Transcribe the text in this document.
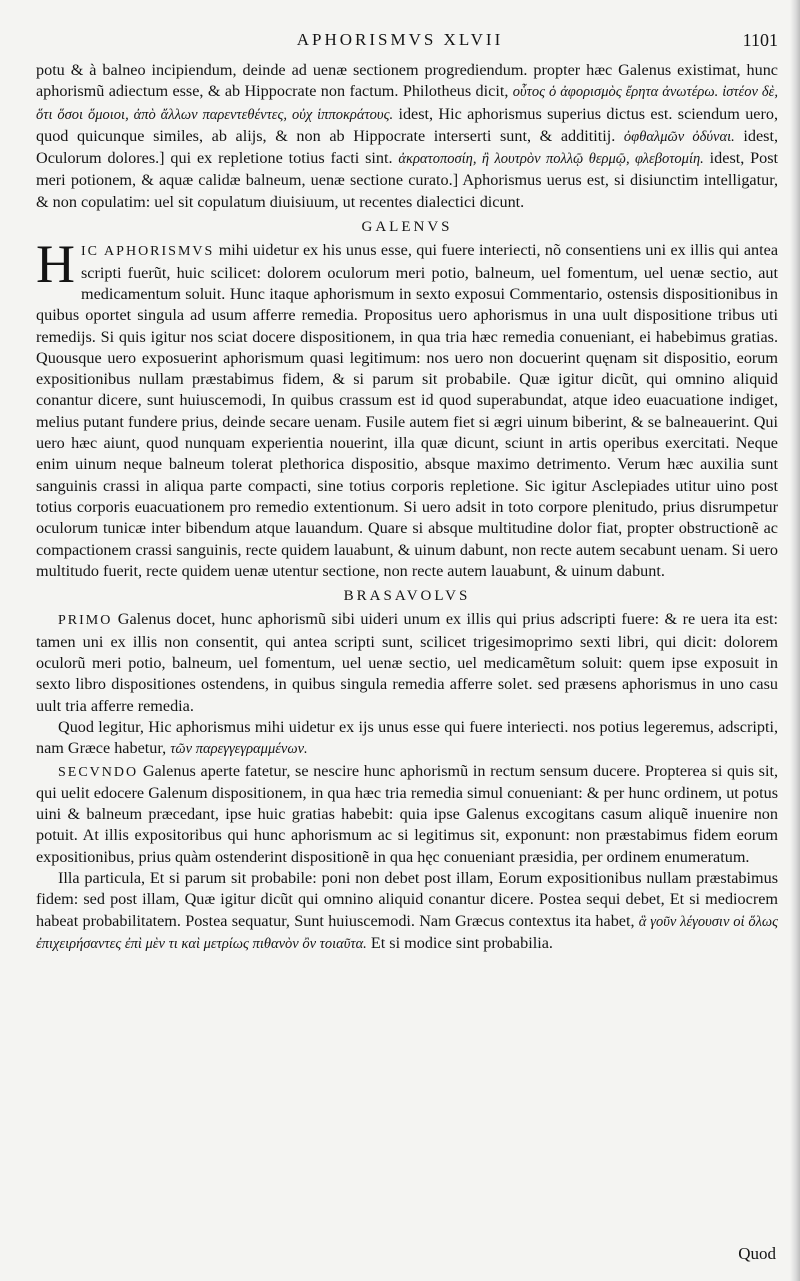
APHORISMVS XLVII	1101

potu & à balneo incipiendum, deinde ad uenæ sectionem progrediendum. propter hæc Galenus existimat, hunc aphorismũ adiectum esse, & ab Hippocrate non factum. Philotheus dicit, οὗτος ὁ ἀφορισμὸς ἔρητα ἀνωτέρω. ἰστέον δὲ, ὅτι ὅσοι ὅμοιοι, ἀπὸ ἄλλων παρεντεθέντες, οὐχ ἱπποκράτους. idest, Hic aphorismus superius dictus est. sciendum uero, quod quicunque similes, ab alijs, & non ab Hippocrate interserti sunt, & addititij. ὀφθαλμῶν ὀδύναι. idest, Oculorum dolores.] qui ex repletione totius facti sint. ἀκρατοποσίη, ἢ λουτρὸν πολλῷ θερμῷ, φλεβοτομίη. idest, Post meri potionem, & aquæ calidæ balneum, uenæ sectione curato.] Aphorismus uerus est, si disiunctim intelligatur, & non copulatim: uel sit copulatum diuisiuum, ut recentes dialectici dicunt.

GALENVS

HIC APHORISMVS mihi uidetur ex his unus esse, qui fuere interiecti, nõ consentiens uni ex illis qui antea scripti fuerũt, huic scilicet: dolorem oculorum meri potio, balneum, uel fomentum, uel uenæ sectio, aut medicamentum soluit. Hunc itaque aphorismum in sexto exposui Commentario, ostensis dispositionibus in quibus oportet singula ad usum afferre remedia. Propositus uero aphorismus in una uult dispositione tribus uti remedijs. Si quis igitur nos sciat docere dispositionem, in qua tria hæc remedia conueniant, ei habebimus gratias. Quousque uero exposuerint aphorismum quasi legitimum: nos uero non docuerint quęnam sit dispositio, eorum expositionibus nullam præstabimus fidem, & si parum sit probabile. Quæ igitur dicũt, qui omnino aliquid conantur dicere, sunt huiuscemodi, In quibus crassum est id quod superabundat, atque ideo euacuatione indiget, melius putant fundere prius, deinde secare uenam. Fusile autem fiet si ægri uinum biberint, & se balneauerint. Qui uero hæc aiunt, quod nunquam experientia nouerint, illa quæ dicunt, sciunt in artis operibus exercitati. Neque enim uinum neque balneum tolerat plethorica dispositio, absque maximo detrimento. Verum hæc auxilia sunt sanguinis crassi in aliqua parte compacti, sine totius corporis repletione. Sic igitur Asclepiades utitur uino post totius corporis euacuationem pro remedio extentionum. Si uero adsit in toto corpore plenitudo, prius disrumpetur oculorum tunicæ inter bibendum atque lauandum. Quare si absque multitudine dolor fiat, propter obstructionẽ ac compactionem crassi sanguinis, recte quidem lauabunt, & uinum dabunt, non recte autem secabunt uenam. Si uero multitudo fuerit, recte quidem uenæ utentur sectione, non recte autem lauabunt, & uinum dabunt.

BRASAVOLVS

PRIMO Galenus docet, hunc aphorismũ sibi uideri unum ex illis qui prius adscripti fuere: & re uera ita est: tamen uni ex illis non consentit, qui antea scripti sunt, scilicet trigesimoprimo sexti libri, qui dicit: dolorem oculorũ meri potio, balneum, uel fomentum, uel uenæ sectio, uel medicamẽtum soluit: quem ipse exposuit in sexto libro dispositiones ostendens, in quibus singula remedia afferre solet. sed præsens aphorismus in uno casu uult tria afferre remedia.

Quod legitur, Hic aphorismus mihi uidetur ex ijs unus esse qui fuere interiecti. nos potius legeremus, adscripti, nam Græce habetur, τῶν παρεγγεγραμμένων.

SECVNDO Galenus aperte fatetur, se nescire hunc aphorismũ in rectum sensum ducere. Propterea si quis sit, qui uelit edocere Galenum dispositionem, in qua hæc tria remedia simul conueniant: & per hunc ordinem, ut potus uini & balneum præcedant, ipse huic gratias habebit: quia ipse Galenus excogitans casum aliquẽ inuenire non potuit. At illis expositoribus qui hunc aphorismum ac si legitimus sit, exponunt: non præstabimus fidem eorum expositionibus, prius quàm ostenderint dispositionẽ in qua hęc conueniant præsidia, per ordinem enumeratum.

Illa particula, Et si parum sit probabile: poni non debet post illam, Eorum expositionibus nullam præstabimus fidem: sed post illam, Quæ igitur dicũt qui omnino aliquid conantur dicere. Postea sequi debet, Et si mediocrem habeat probabilitatem. Postea sequatur, Sunt huiuscemodi. Nam Græcus contextus ita habet, ἃ γοῦν λέγουσιν οἱ ὅλως ἐπιχειρήσαντες ἐπὶ μὲν τι καὶ μετρίως πιθανὸν ὂν τοιαῦτα. Et si modice sint probabilia.

Quod
